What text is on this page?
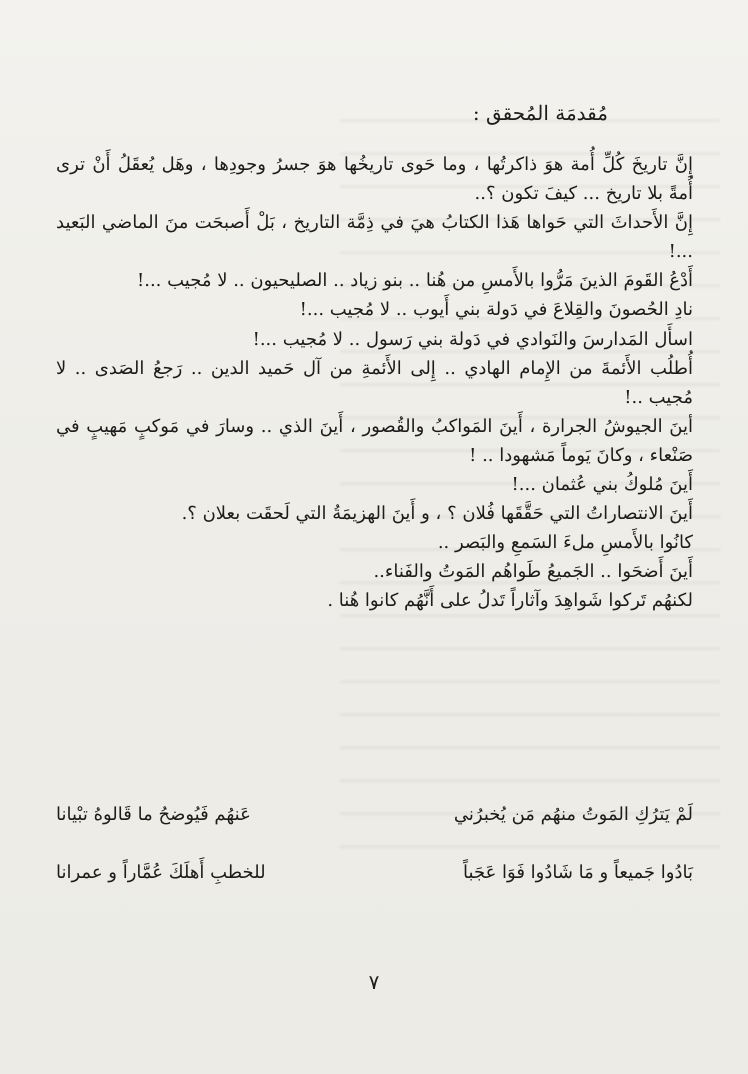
مُقدمَة المُحقق :

إِنَّ تاريخَ كُلِّ أُمة هوَ ذاكرتُها ، وما حَوى تاريخُها هوَ جسرُ وجودِها ، وهَل يُعقَلُ أَنْ ترى أُمةً بلا تاريخ ... كيفَ تكون ؟..

إِنَّ الأَحداثَ التي حَواها هَذا الكتابُ هيَ في ذِمَّة التاريخ ، بَلْ أَصبحَت منَ الماضي البَعيد ...!

أَدْعُ القَومَ الذينَ مَرُّوا بالأَمسِ من هُنا .. بنو زياد .. الصليحيون .. لا مُجيب ...!

نادِ الحُصونَ والقِلاعَ في دَولة بني أَيوب .. لا مُجيب ...!

اسأَل المَدارسَ والنَوادي في دَولة بني رَسول .. لا مُجيب ...!

أُطلُب الأَئمةَ من الإِمام الهادي .. إِلى الأَئمةِ من آل حَميد الدين .. رَجعُ الصَدى .. لا مُجيب ..!

أينَ الجيوشُ الجرارة ، أَينَ المَواكبُ والقُصور ، أَينَ الذي .. وسارَ في مَوكبٍ مَهيبٍ في صَنْعاء ، وكانَ يَوماً مَشهودا .. !

أَينَ مُلوكُ بني عُثمان ...!

أَينَ الانتصاراتُ التي حَقَّقَها فُلان ؟ ، و أَينَ الهزيمَةُ التي لَحقَت بعلان ؟.

كانُوا بالأَمسِ ملءَ السَمعِ والبَصر ..

أَينَ أَضحَوا .. الجَميعُ طَواهُم المَوتُ والفَناء..

لكنهُم تَركوا شَواهِدَ وآثاراً تَدلُ على أَنَّهُم كانوا هُنا .

لَمْ يَترُكِ المَوتُ منهُم مَن يُخبرُني
عَنهُم فَيُوضحُ ما قَالوهُ تبْيانا
بَادُوا جَميعاً و مَا شَادُوا فَوَا عَجَباً
للخطبِ أَهلَكَ عُمَّاراً و عمرانا
٧
